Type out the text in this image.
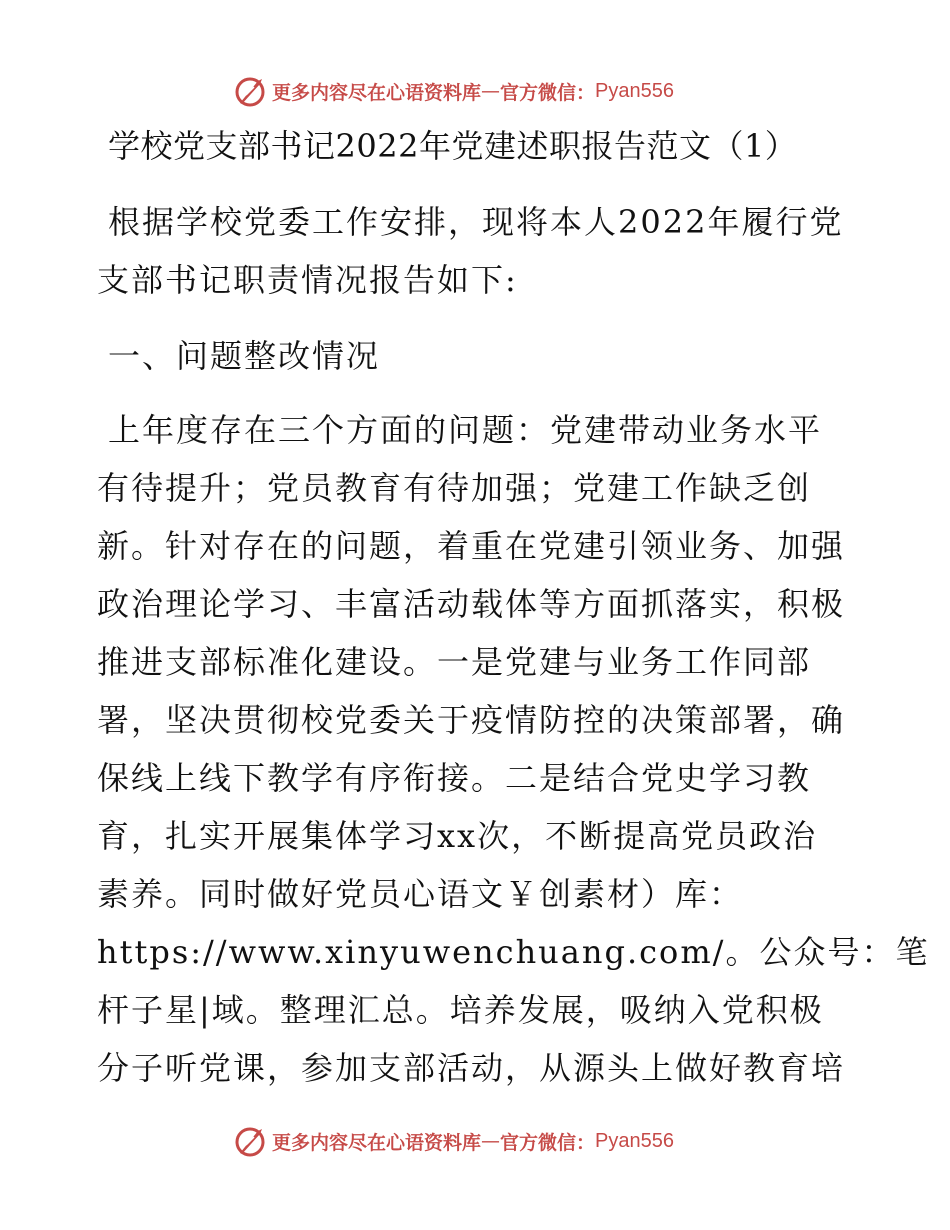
更多内容尽在心语资料库 — 官方微信： Pyan556
学校党支部书记2022年党建述职报告范文（1）
根据学校党委工作安排，现将本人2022年履行党
支部书记职责情况报告如下:
一、问题整改情况
上年度存在三个方面的问题：党建带动业务水平
有待提升；党员教育有待加强；党建工作缺乏创
新。针对存在的问题，着重在党建引领业务、加强
政治理论学习、丰富活动载体等方面抓落实，积极
推进支部标准化建设。一是党建与业务工作同部
署，坚决贯彻校党委关于疫情防控的决策部署，确
保线上线下教学有序衔接。二是结合党史学习教
育，扎实开展集体学习xx次，不断提高党员政治
素养。同时做好党员心语文￥创素材）库：
https://www.xinyuwenchuang.com/。公众号：笔
杆子星|域。整理汇总。培养发展，吸纳入党积极
分子听党课，参加支部活动，从源头上做好教育培
更多内容尽在心语资料库 — 官方微信： Pyan556
